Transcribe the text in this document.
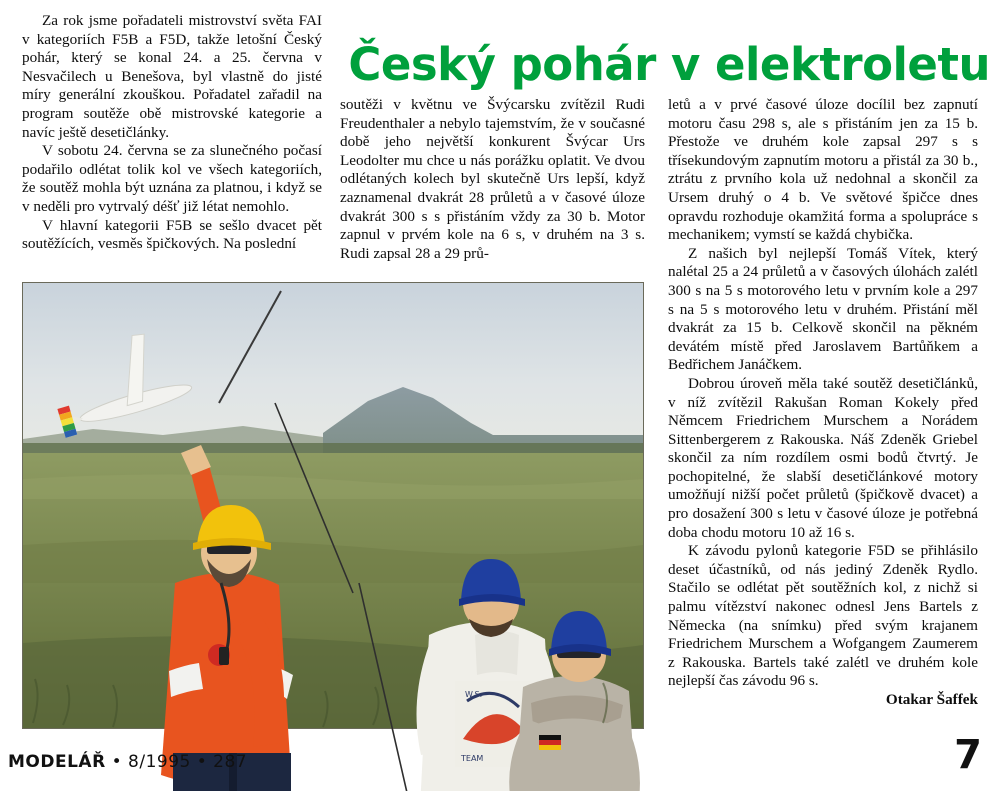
Český pohár v elektroletu

Za rok jsme pořadateli mistrovství světa FAI v kategoriích F5B a F5D, takže letošní Český pohár, který se konal 24. a 25. června v Nesvačilech u Benešova, byl vlastně do jisté míry generální zkouškou. Pořadatel zařadil na program soutěže obě mistrovské kategorie a navíc ještě desetičlánky.

V sobotu 24. června se za slunečného počasí podařilo odlétat tolik kol ve všech kategoriích, že soutěž mohla být uznána za platnou, i když se v neděli pro vytrvalý déšť již létat nemohlo.

V hlavní kategorii F5B se sešlo dvacet pět soutěžících, vesměs špičkových. Na poslední

soutěži v květnu ve Švýcarsku zvítězil Rudi Freudenthaler a nebylo tajemstvím, že v současné době jeho největší konkurent Švýcar Urs Leodolter mu chce u nás porážku oplatit. Ve dvou odlétaných kolech byl skutečně Urs lepší, když zaznamenal dvakrát 28 průletů a v časové úloze dvakrát 300 s s přistáním vždy za 30 b. Motor zapnul v prvém kole na 6 s, v druhém na 3 s. Rudi zapsal 28 a 29 prů-

letů a v prvé časové úloze docílil bez zapnutí motoru času 298 s, ale s přistáním jen za 15 b. Přestože ve druhém kole zapsal 297 s s třísekundovým zapnutím motoru a přistál za 30 b., ztrátu z prvního kola už nedohnal a skončil za Ursem druhý o 4 b. Ve světové špičce dnes opravdu rozhoduje okamžitá forma a spolupráce s mechanikem; vymstí se každá chybička.

Z našich byl nejlepší Tomáš Vítek, který nalétal 25 a 24 průletů a v časových úlohách zalétl 300 s na 5 s motorového letu v prvním kole a 297 s na 5 s motorového letu v druhém. Přistání měl dvakrát za 15 b. Celkově skončil na pěkném devátém místě před Jaroslavem Bartůňkem a Bedřichem Janáčkem.

Dobrou úroveň měla také soutěž desetičlánků, v níž zvítězil Rakušan Roman Kokely před Němcem Friedrichem Murschem a Norádem Sittenbergerem z Rakouska. Náš Zdeněk Griebel skončil za ním rozdílem osmi bodů čtvrtý. Je pochopitelné, že slabší desetičlánkové motory umožňují nižší počet průletů (špičkově dvacet) a pro dosažení 300 s letu v časové úloze je potřebná doba chodu motoru 10 až 16 s.

K závodu pylonů kategorie F5D se přihlásilo deset účastníků, od nás jediný Zdeněk Rydlo. Stačilo se odlétat pět soutěžních kol, z nichž si palmu vítězství nakonec odnesl Jens Bartels z Německa (na snímku) před svým krajanem Friedrichem Murschem a Wofgangem Zaumerem z Rakouska. Bartels také zalétl ve druhém kole nejlepší čas závodu 96 s.

Otakar Šaffek

W.S.
TEAM
MODELÁŘ • 8/1995 • 287	7
